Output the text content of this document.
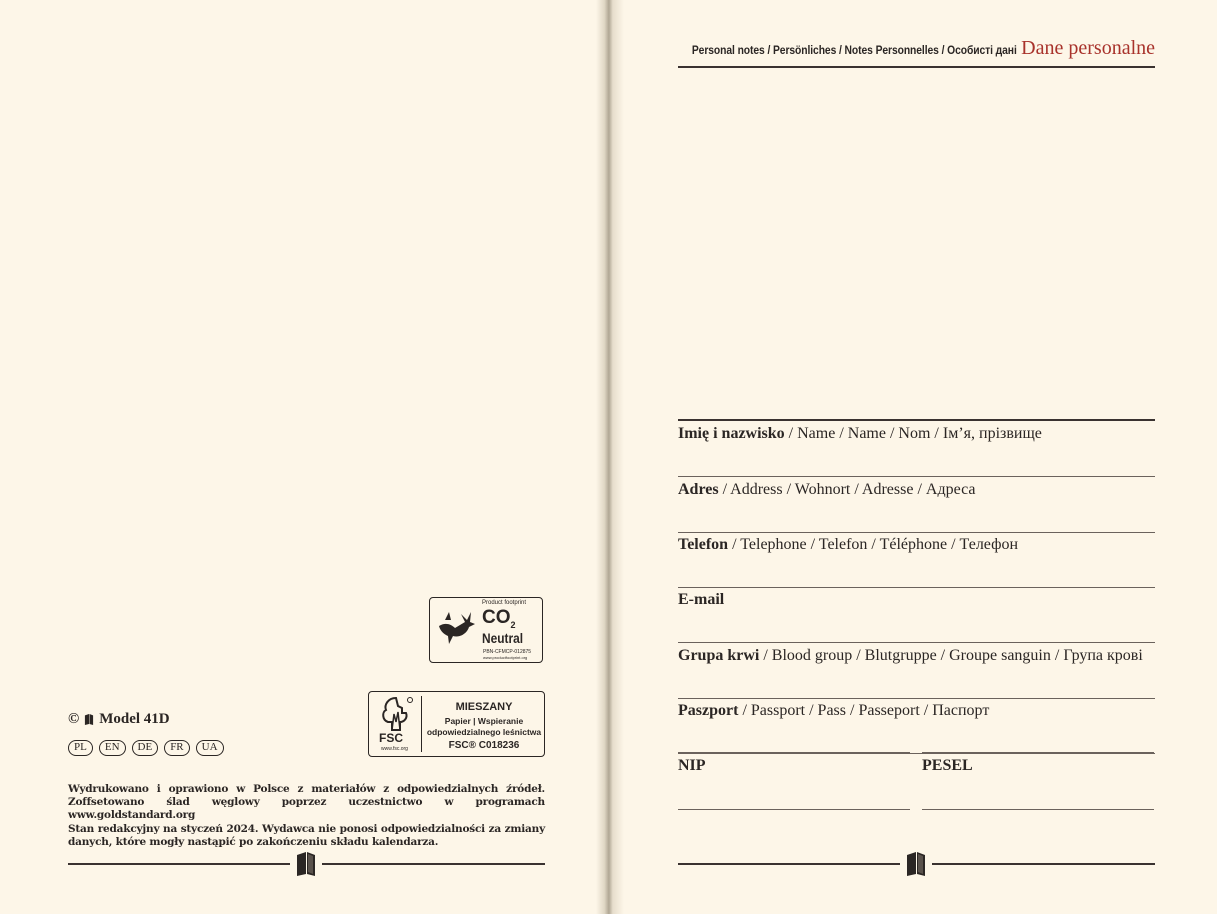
Personal notes / Persönliches / Notes Personnelles / Особисті дані Dane personalne
Imię i nazwisko / Name / Name / Nom / Ім’я, прізвище
Adres / Address / Wohnort / Adresse / Адреса
Telefon / Telephone / Telefon / Téléphone / Телефон
E-mail
Grupa krwi / Blood group / Blutgruppe / Groupe sanguin / Група крові
Paszport / Passport / Pass / Passeport / Паспорт
NIP	PESEL
Product footprint
$CO_2$
Neutral
PBN-CFMCP-012875
www.productfootprint.org
FSC
www.fsc.org
MIESZANY
Papier | Wspieranie
odpowiedzialnego leśnictwa
FSC® C018236
© Model 41D
PL	EN	DE	FR	UA
Wydrukowano i oprawiono w Polsce z materiałów z odpowiedzialnych źródeł. Zoffsetowano ślad węglowy poprzez uczestnictwo w programach www.goldstandard.org
Stan redakcyjny na styczeń 2024. Wydawca nie ponosi odpowiedzialności za zmiany danych, które mogły nastąpić po zakończeniu składu kalendarza.
